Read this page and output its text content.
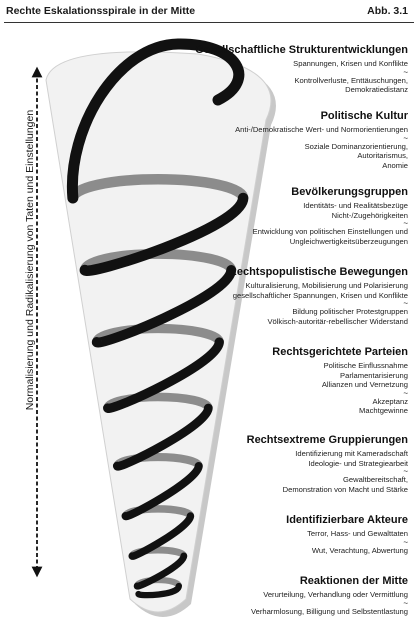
Rechte Eskalationsspirale in der Mitte	Abb. 3.1
Normalisierung und Radikalisierung von Taten und Einstellungen
Gesellschaftliche Strukturentwicklungen
Spannungen, Krisen und Konflikte
~
Kontrollverluste, Enttäuschungen,
Demokratiedistanz
Politische Kultur
Anti-/Demokratische Wert- und Normorientierungen
~
Soziale Dominanzorientierung,
Autoritarismus,
Anomie
Bevölkerungsgruppen
Identitäts- und Realitätsbezüge
Nicht-/Zugehörigkeiten
~
Entwicklung von politischen Einstellungen und
Ungleichwertigkeitsüberzeugungen
Rechtspopulistische Bewegungen
Kulturalisierung, Mobilisierung und Polarisierung
gesellschaftlicher Spannungen, Krisen und Konflikte
~
Bildung politischer Protestgruppen
Völkisch-autoritär-rebellischer Widerstand
Rechtsgerichtete Parteien
Politische Einflussnahme
Parlamentarisierung
Allianzen und Vernetzung
~
Akzeptanz
Machtgewinne
Rechtsextreme Gruppierungen
Identifizierung mit Kameradschaft
Ideologie- und Strategiearbeit
~
Gewaltbereitschaft,
Demonstration von Macht und Stärke
Identifizierbare Akteure
Terror, Hass- und Gewalttaten
~
Wut, Verachtung, Abwertung
Reaktionen der Mitte
Verurteilung, Verhandlung oder Vermittlung
~
Verharmlosung, Billigung und Selbstentlastung
